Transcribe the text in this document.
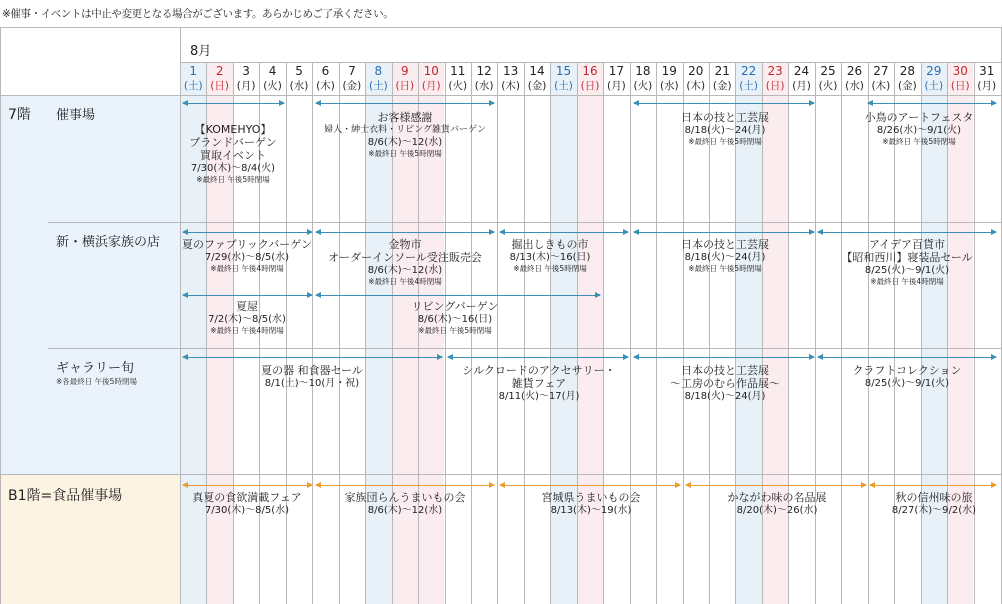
※催事・イベントは中止や変更となる場合がございます。あらかじめご了承ください。
8月
1
(土)
2
(日)
3
(月)
4
(火)
5
(水)
6
(木)
7
(金)
8
(土)
9
(日)
10
(月)
11
(火)
12
(水)
13
(木)
14
(金)
15
(土)
16
(日)
17
(月)
18
(火)
19
(水)
20
(木)
21
(金)
22
(土)
23
(日)
24
(月)
25
(火)
26
(水)
27
(木)
28
(金)
29
(土)
30
(日)
31
(月)
7階
B1階=食品催事場
催事場
新・横浜家族の店
ギャラリー旬
※各最終日 午後5時閉場
【KOMEHYO】
ブランドバーゲン
買取イベント
7/30(木)〜8/4(火)
※最終日 午後5時閉場
お客様感謝
婦人・紳士衣料・リビング雑貨バーゲン
8/6(木)〜12(水)
※最終日 午後5時閉場
日本の技と工芸展
8/18(火)〜24(月)
※最終日 午後5時閉場
小鳥のアートフェスタ
8/26(水)〜9/1(火)
※最終日 午後5時閉場
夏のファブリックバーゲン
7/29(水)〜8/5(水)
※最終日 午後4時閉場
金物市
オーダーインソール受注販売会
8/6(木)〜12(水)
※最終日 午後4時閉場
掘出しきもの市
8/13(木)〜16(日)
※最終日 午後5時閉場
日本の技と工芸展
8/18(火)〜24(月)
※最終日 午後5時閉場
アイデア百貨市
【昭和西川】寝装品セール
8/25(火)〜9/1(火)
※最終日 午後4時閉場
夏屋
7/2(木)〜8/5(水)
※最終日 午後4時閉場
リビングバーゲン
8/6(木)〜16(日)
※最終日 午後5時閉場
夏の器 和食器セール
8/1(土)〜10(月・祝)
シルクロードのアクセサリー・
雑貨フェア
8/11(火)〜17(月)
日本の技と工芸展
〜工房のむら作品展〜
8/18(火)〜24(月)
クラフトコレクション
8/25(火)〜9/1(火)
真夏の食欲満載フェア
7/30(木)〜8/5(水)
家族団らんうまいもの会
8/6(木)〜12(水)
宮城県うまいもの会
8/13(木)〜19(水)
かながわ味の名品展
8/20(木)〜26(水)
秋の信州味の旅
8/27(木)〜9/2(水)
